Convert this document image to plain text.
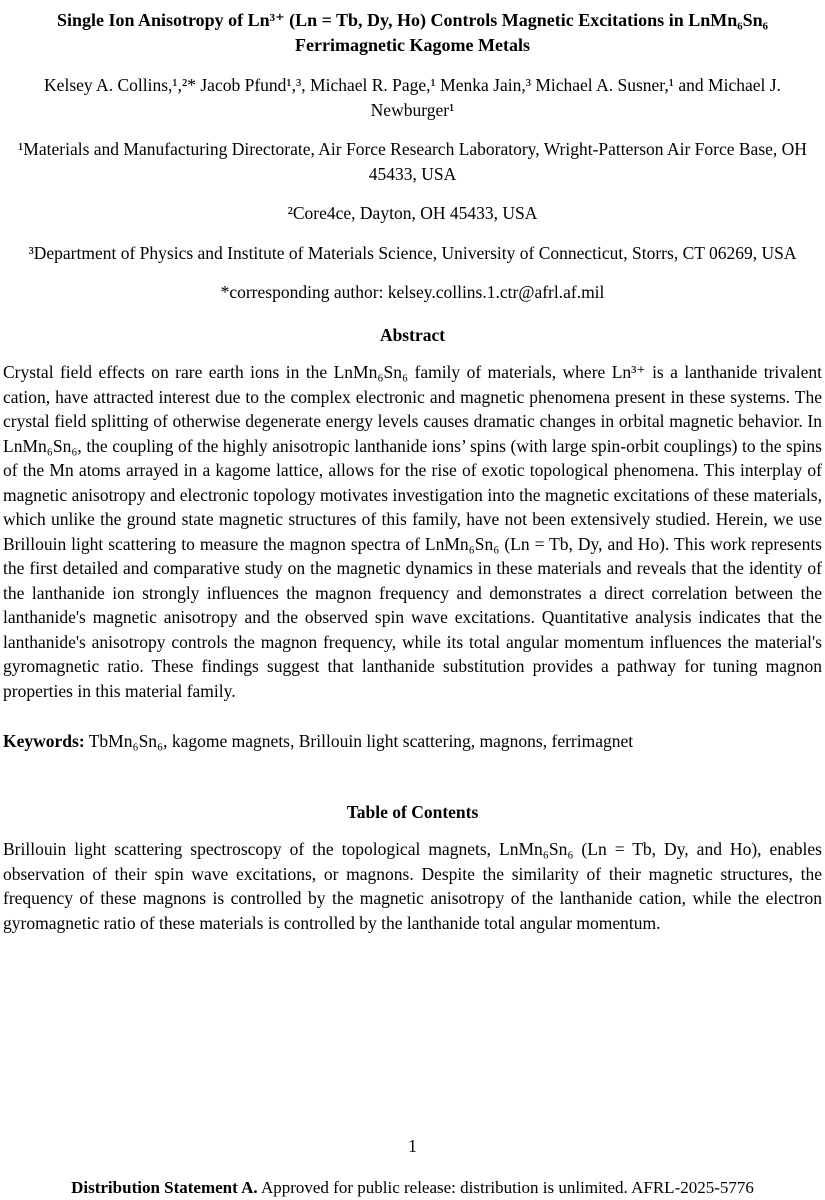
Single Ion Anisotropy of Ln³⁺ (Ln = Tb, Dy, Ho) Controls Magnetic Excitations in LnMn₆Sn₆ Ferrimagnetic Kagome Metals

Kelsey A. Collins,¹,²* Jacob Pfund¹,³, Michael R. Page,¹ Menka Jain,³ Michael A. Susner,¹ and Michael J. Newburger¹

¹Materials and Manufacturing Directorate, Air Force Research Laboratory, Wright-Patterson Air Force Base, OH 45433, USA

²Core4ce, Dayton, OH 45433, USA

³Department of Physics and Institute of Materials Science, University of Connecticut, Storrs, CT 06269, USA

*corresponding author: kelsey.collins.1.ctr@afrl.af.mil

Abstract

Crystal field effects on rare earth ions in the LnMn₆Sn₆ family of materials, where Ln³⁺ is a lanthanide trivalent cation, have attracted interest due to the complex electronic and magnetic phenomena present in these systems. The crystal field splitting of otherwise degenerate energy levels causes dramatic changes in orbital magnetic behavior. In LnMn₆Sn₆, the coupling of the highly anisotropic lanthanide ions’ spins (with large spin-orbit couplings) to the spins of the Mn atoms arrayed in a kagome lattice, allows for the rise of exotic topological phenomena. This interplay of magnetic anisotropy and electronic topology motivates investigation into the magnetic excitations of these materials, which unlike the ground state magnetic structures of this family, have not been extensively studied. Herein, we use Brillouin light scattering to measure the magnon spectra of LnMn₆Sn₆ (Ln = Tb, Dy, and Ho). This work represents the first detailed and comparative study on the magnetic dynamics in these materials and reveals that the identity of the lanthanide ion strongly influences the magnon frequency and demonstrates a direct correlation between the lanthanide's magnetic anisotropy and the observed spin wave excitations. Quantitative analysis indicates that the lanthanide's anisotropy controls the magnon frequency, while its total angular momentum influences the material's gyromagnetic ratio. These findings suggest that lanthanide substitution provides a pathway for tuning magnon properties in this material family.

Keywords: TbMn₆Sn₆, kagome magnets, Brillouin light scattering, magnons, ferrimagnet

Table of Contents

Brillouin light scattering spectroscopy of the topological magnets, LnMn₆Sn₆ (Ln = Tb, Dy, and Ho), enables observation of their spin wave excitations, or magnons. Despite the similarity of their magnetic structures, the frequency of these magnons is controlled by the magnetic anisotropy of the lanthanide cation, while the electron gyromagnetic ratio of these materials is controlled by the lanthanide total angular momentum.

1
Distribution Statement A. Approved for public release: distribution is unlimited. AFRL-2025-5776
